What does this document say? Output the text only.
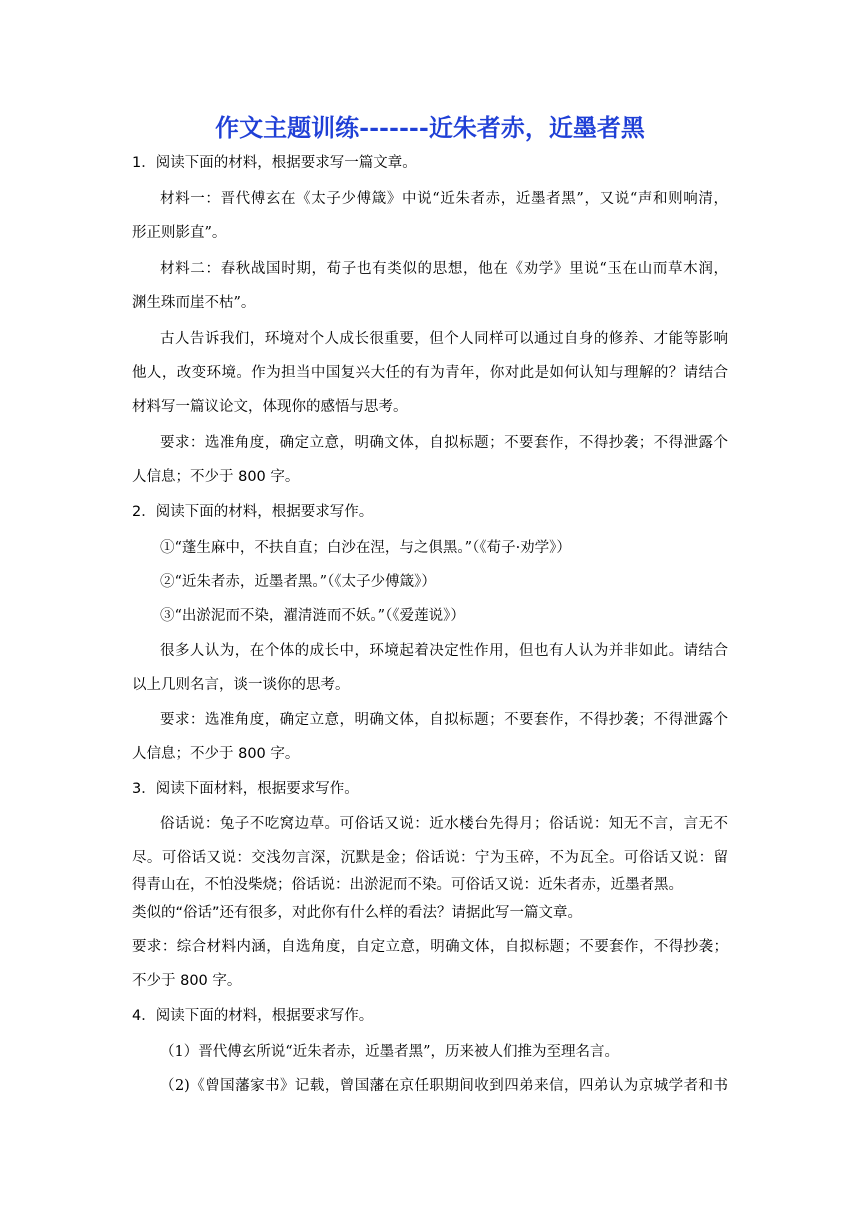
作文主题训练-------近朱者赤，近墨者黑
1．阅读下面的材料，根据要求写一篇文章。
材料一：晋代傅玄在《太子少傅箴》中说“近朱者赤，近墨者黑”，又说“声和则响清，
形正则影直”。
材料二：春秋战国时期，荀子也有类似的思想，他在《劝学》里说“玉在山而草木润，
渊生珠而崖不枯”。
古人告诉我们，环境对个人成长很重要，但个人同样可以通过自身的修养、才能等影响
他人，改变环境。作为担当中国复兴大任的有为青年，你对此是如何认知与理解的？请结合
材料写一篇议论文，体现你的感悟与思考。
要求：选准角度，确定立意，明确文体，自拟标题；不要套作，不得抄袭；不得泄露个
人信息；不少于 800 字。
2．阅读下面的材料，根据要求写作。
①“蓬生麻中，不扶自直；白沙在涅，与之俱黑。”（《荀子·劝学》）
②“近朱者赤，近墨者黑。”（《太子少傅箴》）
③“出淤泥而不染，濯清涟而不妖。”（《爱莲说》）
很多人认为，在个体的成长中，环境起着决定性作用，但也有人认为并非如此。请结合
以上几则名言，谈一谈你的思考。
要求：选准角度，确定立意，明确文体，自拟标题；不要套作，不得抄袭；不得泄露个
人信息；不少于 800 字。
3．阅读下面材料，根据要求写作。
俗话说：兔子不吃窝边草。可俗话又说：近水楼台先得月；俗话说：知无不言，言无不
尽。可俗话又说：交浅勿言深，沉默是金；俗话说：宁为玉碎，不为瓦全。可俗话又说：留
得青山在，不怕没柴烧；俗话说：出淤泥而不染。可俗话又说：近朱者赤，近墨者黑。
类似的“俗话”还有很多，对此你有什么样的看法？请据此写一篇文章。
要求：综合材料内涵，自选角度，自定立意，明确文体，自拟标题；不要套作，不得抄袭；
不少于 800 字。
4．阅读下面的材料，根据要求写作。
（1）晋代傅玄所说“近朱者赤，近墨者黑”，历来被人们推为至理名言。
（2)《曾国藩家书》记载，曾国藩在京任职期间收到四弟来信，四弟认为京城学者和书
